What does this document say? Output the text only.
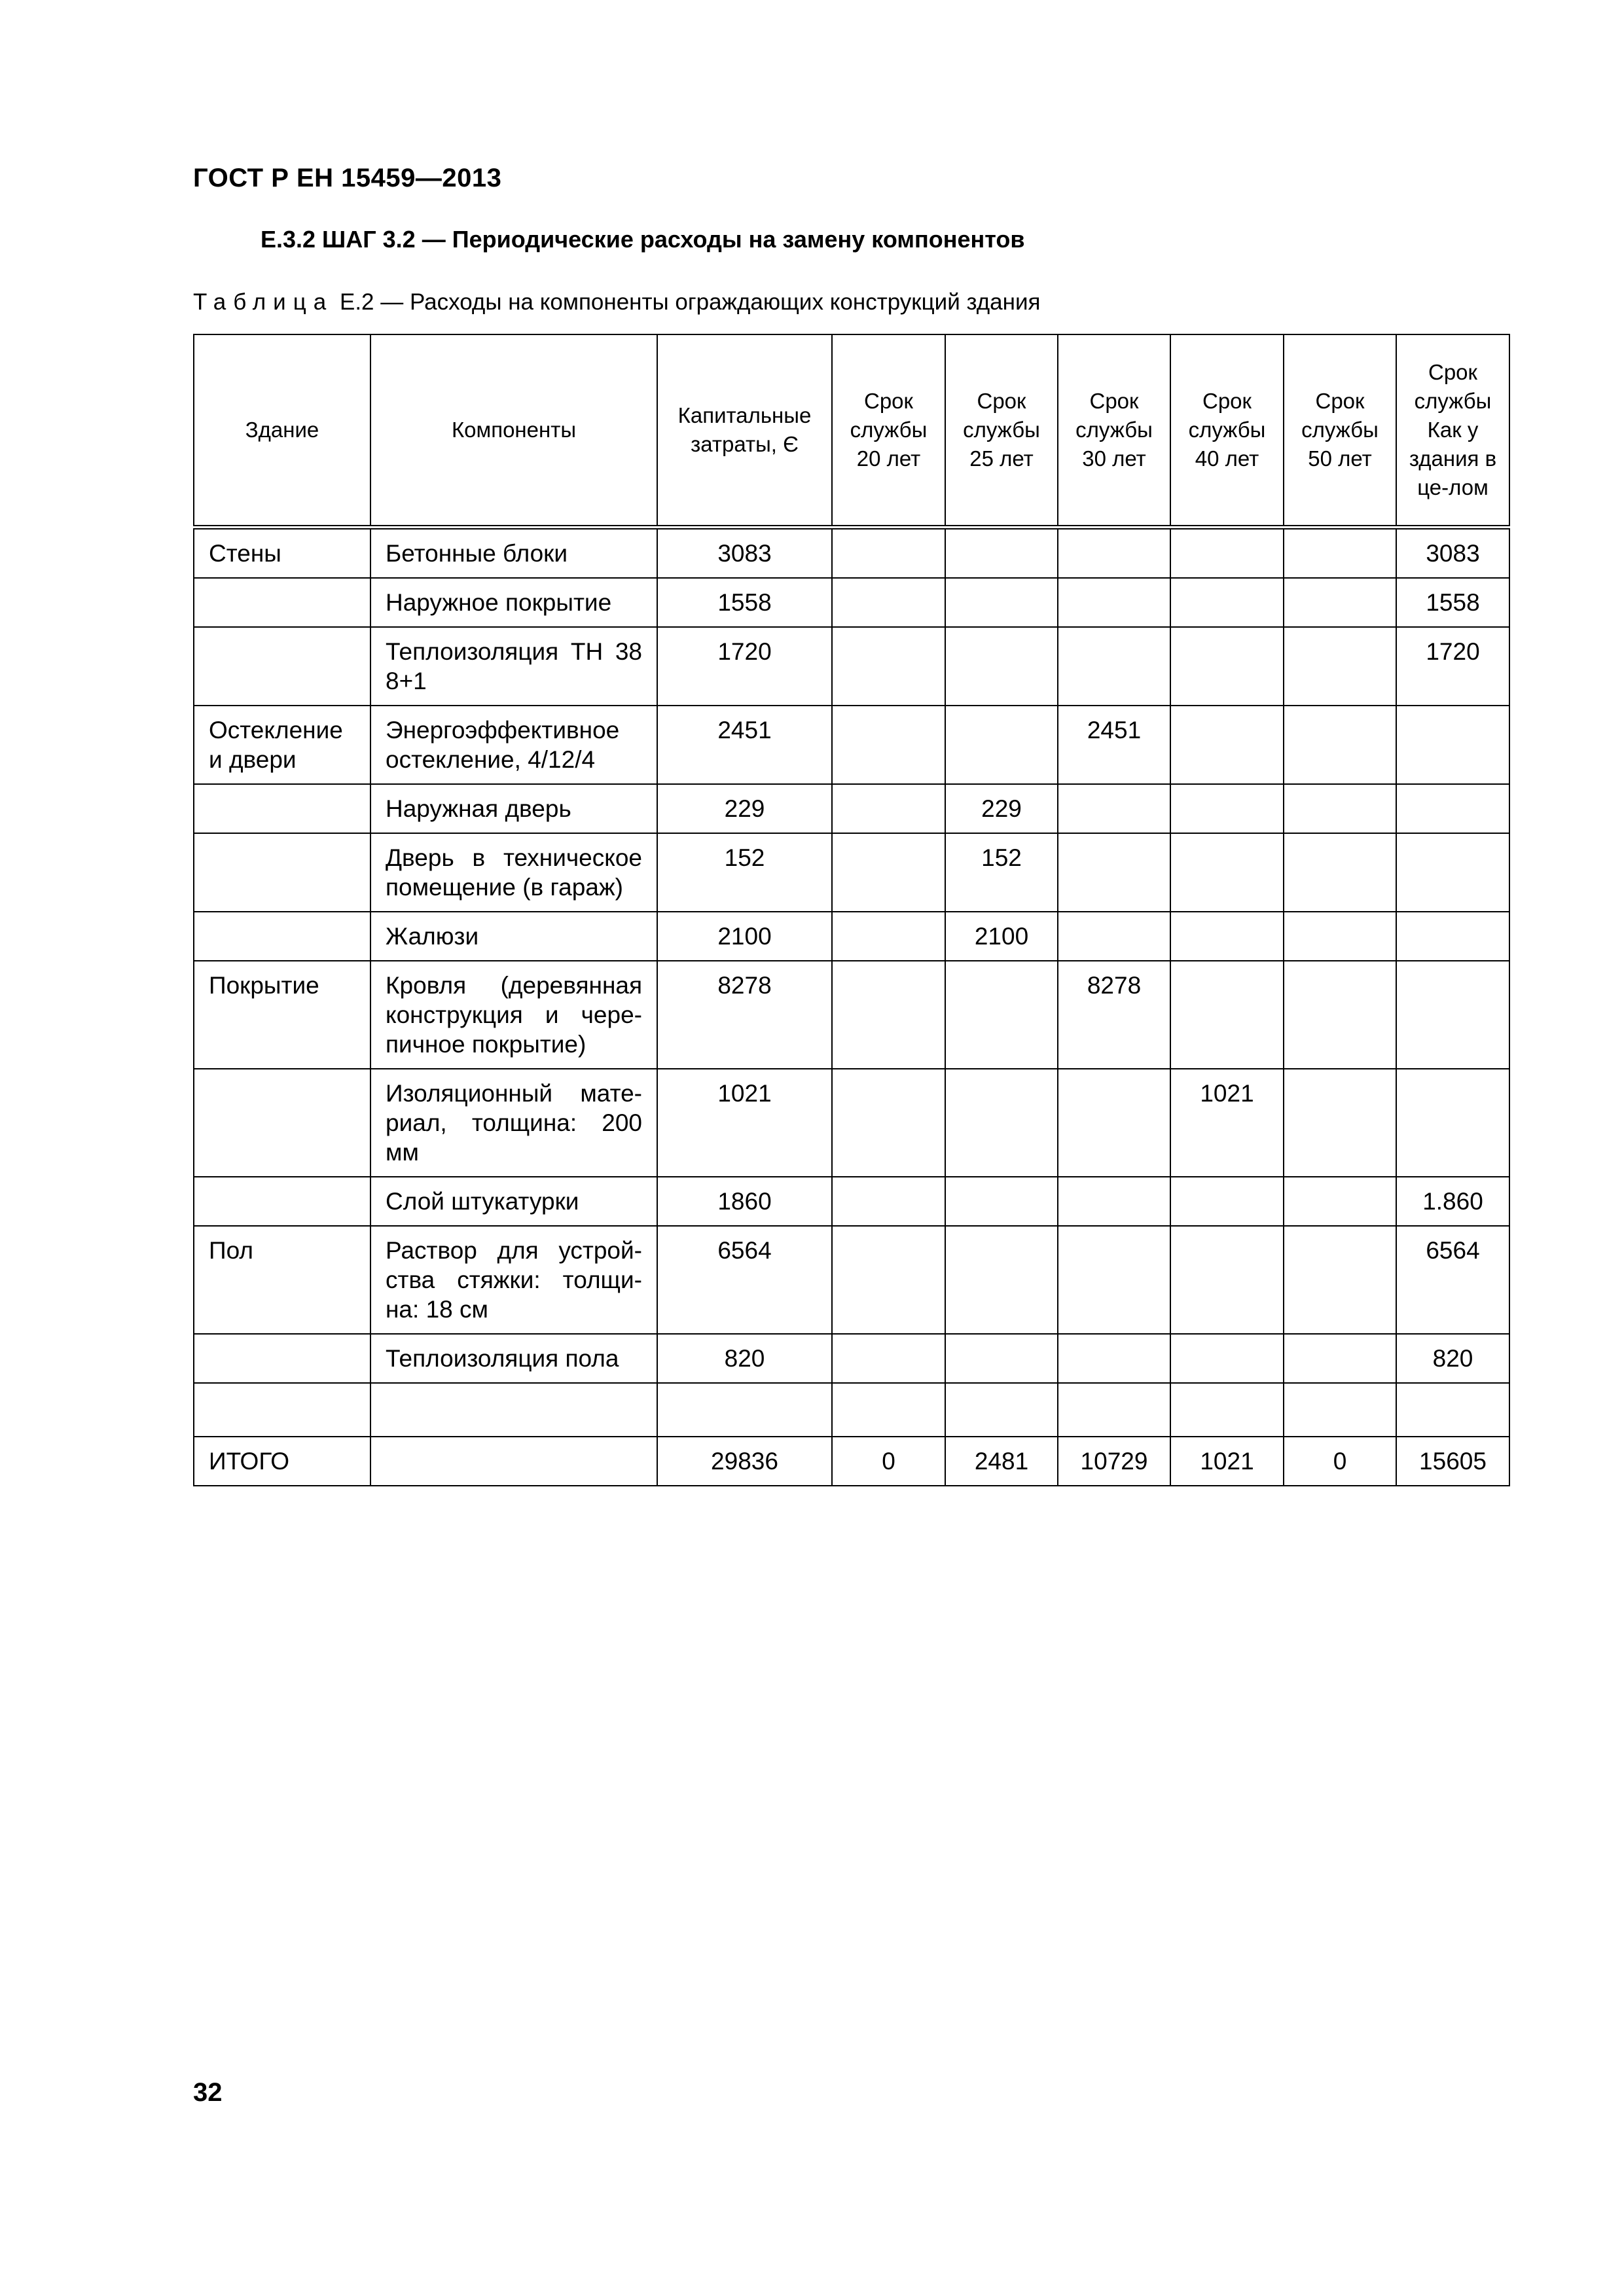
ГОСТ Р ЕН 15459—2013
Е.3.2 ШАГ 3.2 — Периодические расходы на замену компонентов
Таблица Е.2 — Расходы на компоненты ограждающих конструкций здания
Здание	Компоненты	Капитальные затраты, Є	Срок службы 20 лет	Срок службы 25 лет	Срок службы 30 лет	Срок службы 40 лет	Срок службы 50 лет	Срок службы Как у здания в це-лом
Стены	Бетонные блоки	3083						3083
	Наружное покрытие	1558						1558
	Теплоизоляция ТН 38 8+1	1720						1720
Остекление и двери	Энергоэффективное остекление, 4/12/4	2451			2451			
	Наружная дверь	229		229				
	Дверь в техническое помещение (в гараж)	152		152				
	Жалюзи	2100		2100				
Покрытие	Кровля (деревянная конструкция и чере-пичное покрытие)	8278			8278			
	Изоляционный мате-риал, толщина: 200 мм	1021				1021		
	Слой штукатурки	1860						1.860
Пол	Раствор для устрой-ства стяжки: толщи-на: 18 см	6564						6564
	Теплоизоляция пола	820						820

ИТОГО		29836	0	2481	10729	1021	0	15605
32
